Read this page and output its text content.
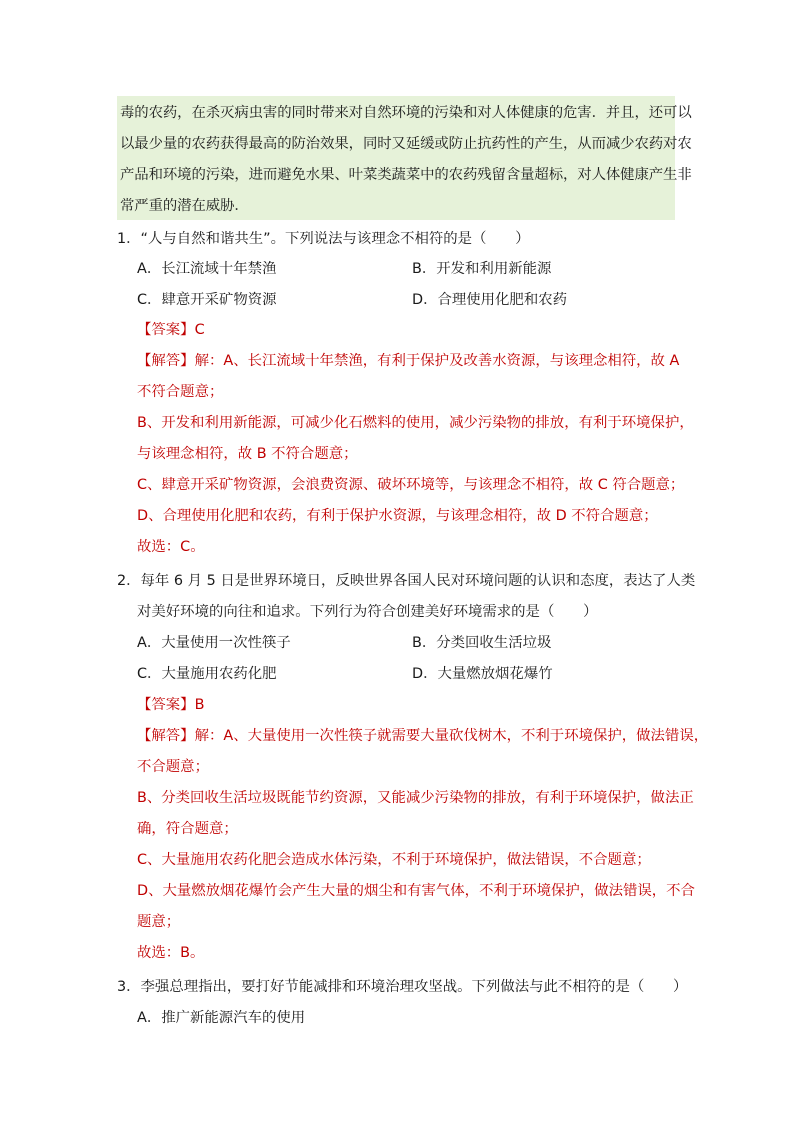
毒的农药，在杀灭病虫害的同时带来对自然环境的污染和对人体健康的危害．并且，还可以
以最少量的农药获得最高的防治效果，同时又延缓或防止抗药性的产生，从而减少农药对农
产品和环境的污染，进而避免水果、叶菜类蔬菜中的农药残留含量超标，对人体健康产生非
常严重的潜在威胁．
1．“人与自然和谐共生”。下列说法与该理念不相符的是（　　）
A．长江流域十年禁渔	B．开发和利用新能源
C．肆意开采矿物资源	D．合理使用化肥和农药
【答案】C
【解答】解：A、长江流域十年禁渔，有利于保护及改善水资源，与该理念相符，故 A
不符合题意；
B、开发和利用新能源，可减少化石燃料的使用，减少污染物的排放，有利于环境保护，
与该理念相符，故 B 不符合题意；
C、肆意开采矿物资源，会浪费资源、破坏环境等，与该理念不相符，故 C 符合题意；
D、合理使用化肥和农药，有利于保护水资源，与该理念相符，故 D 不符合题意；
故选：C。
2．每年 6 月 5 日是世界环境日，反映世界各国人民对环境问题的认识和态度，表达了人类
对美好环境的向往和追求。下列行为符合创建美好环境需求的是（　　）
A．大量使用一次性筷子	B．分类回收生活垃圾
C．大量施用农药化肥	D．大量燃放烟花爆竹
【答案】B
【解答】解：A、大量使用一次性筷子就需要大量砍伐树木，不利于环境保护，做法错误，
不合题意；
B、分类回收生活垃圾既能节约资源，又能减少污染物的排放，有利于环境保护，做法正
确，符合题意；
C、大量施用农药化肥会造成水体污染，不利于环境保护，做法错误，不合题意；
D、大量燃放烟花爆竹会产生大量的烟尘和有害气体，不利于环境保护，做法错误，不合
题意；
故选：B。
3．李强总理指出，要打好节能减排和环境治理攻坚战。下列做法与此不相符的是（　　）
A．推广新能源汽车的使用
